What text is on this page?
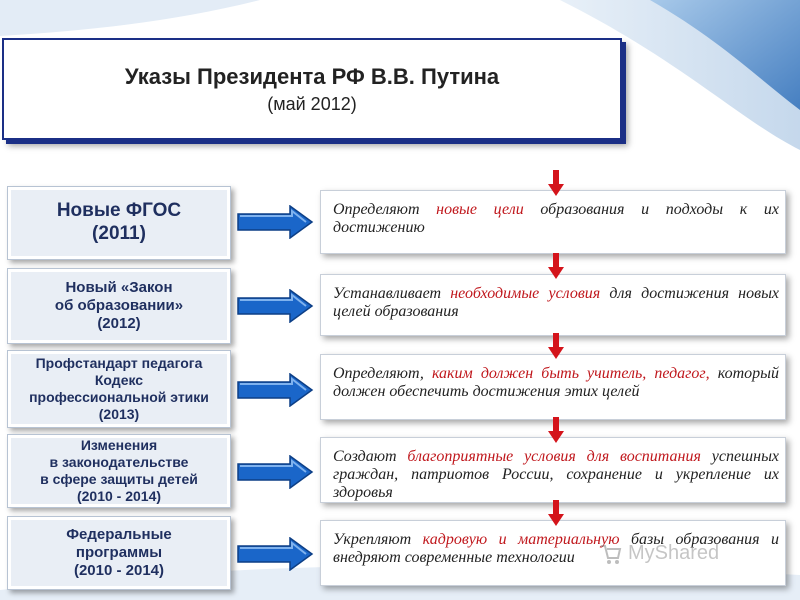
Указы Президента РФ В.В. Путина
(май 2012)
Новые ФГОС
(2011)
Определяют новые цели образования и подходы к их достижению
Новый «Закон
об образовании»
(2012)
Устанавливает необходимые условия для достижения новых целей образования
Профстандарт педагога
Кодекс
профессиональной этики
(2013)
Определяют, каким должен быть учитель, педагог, который должен обеспечить достижения этих целей
Изменения
в законодательстве
в сфере защиты детей
(2010 - 2014)
Создают благоприятные условия для воспитания успешных граждан, патриотов России, сохранение и укрепление их здоровья
Федеральные
программы
(2010 - 2014)
Укрепляют кадровую и материальную базы образования и внедряют современные технологии	MyShared
